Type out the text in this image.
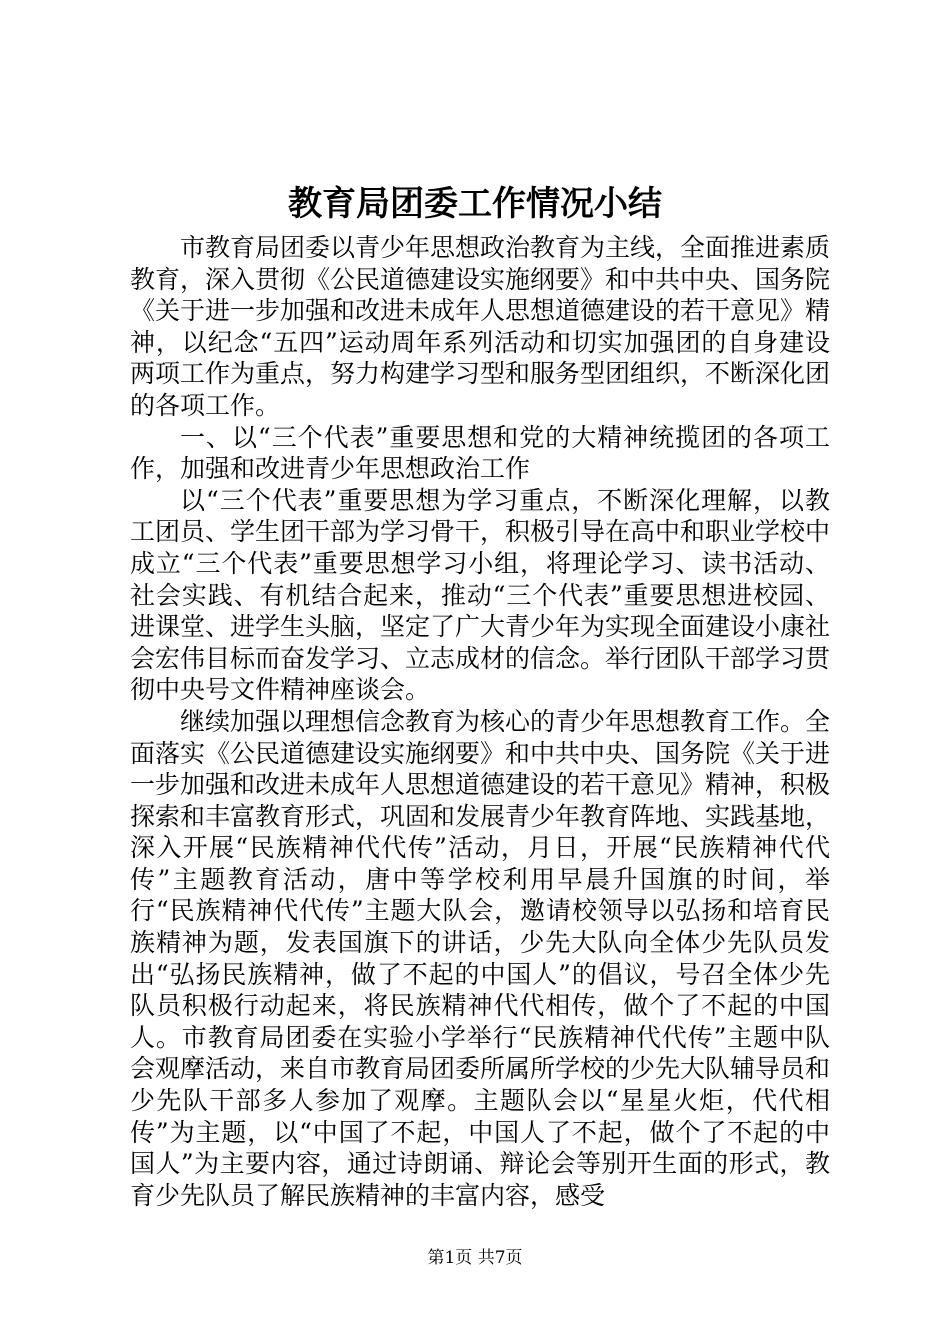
教育局团委工作情况小结

市教育局团委以青少年思想政治教育为主线，全面推进素质教育，深入贯彻《公民道德建设实施纲要》和中共中央、国务院《关于进一步加强和改进未成年人思想道德建设的若干意见》精神，以纪念“五四”运动周年系列活动和切实加强团的自身建设两项工作为重点，努力构建学习型和服务型团组织，不断深化团的各项工作。

一、以“三个代表”重要思想和党的大精神统揽团的各项工作，加强和改进青少年思想政治工作

以“三个代表”重要思想为学习重点，不断深化理解，以教工团员、学生团干部为学习骨干，积极引导在高中和职业学校中成立“三个代表”重要思想学习小组，将理论学习、读书活动、社会实践、有机结合起来，推动“三个代表”重要思想进校园、进课堂、进学生头脑，坚定了广大青少年为实现全面建设小康社会宏伟目标而奋发学习、立志成材的信念。举行团队干部学习贯彻中央号文件精神座谈会。

继续加强以理想信念教育为核心的青少年思想教育工作。全面落实《公民道德建设实施纲要》和中共中央、国务院《关于进一步加强和改进未成年人思想道德建设的若干意见》精神，积极探索和丰富教育形式，巩固和发展青少年教育阵地、实践基地，深入开展“民族精神代代传”活动，月日，开展“民族精神代代传”主题教育活动，唐中等学校利用早晨升国旗的时间，举行“民族精神代代传”主题大队会，邀请校领导以弘扬和培育民族精神为题，发表国旗下的讲话，少先大队向全体少先队员发出“弘扬民族精神，做了不起的中国人”的倡议，号召全体少先队员积极行动起来，将民族精神代代相传，做个了不起的中国人。市教育局团委在实验小学举行“民族精神代代传”主题中队会观摩活动，来自市教育局团委所属所学校的少先大队辅导员和少先队干部多人参加了观摩。主题队会以“星星火炬，代代相传”为主题，以“中国了不起，中国人了不起，做个了不起的中国人”为主要内容，通过诗朗诵、辩论会等别开生面的形式，教育少先队员了解民族精神的丰富内容，感受

第1页 共7页
